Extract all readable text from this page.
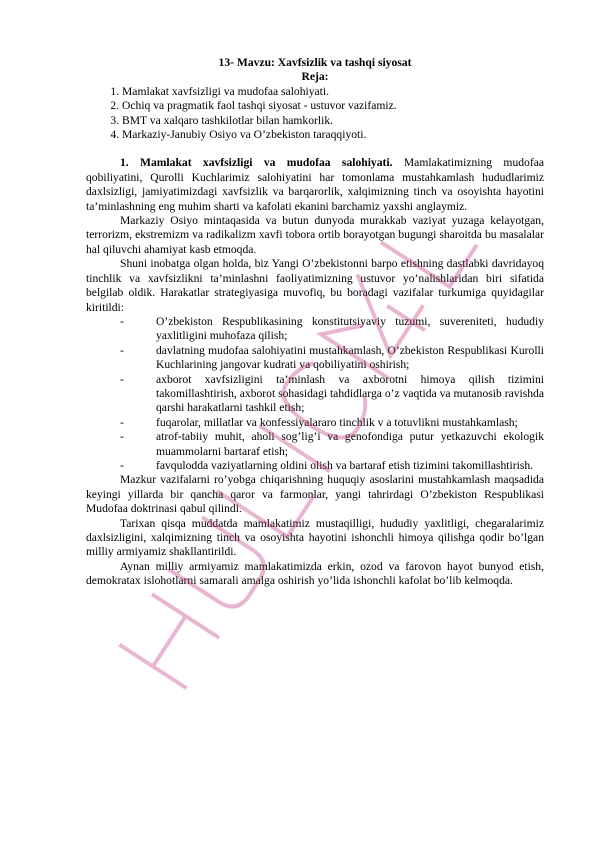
13- Mavzu: Xavfsizlik va tashqi siyosat

Reja:

1. Mamlakat xavfsizligi va mudofaa salohiyati.
2. Ochiq va pragmatik faol tashqi siyosat - ustuvor vazifamiz.
3. BMT va xalqaro tashkilotlar bilan hamkorlik.
4. Markaziy-Janubiy Osiyo va O’zbekiston taraqqiyoti.

1. Mamlakat xavfsizligi va mudofaa salohiyati. Mamlakatimizning mudofaa qobiliyatini, Qurolli Kuchlarimiz salohiyatini har tomonlama mustahkamlash hududlarimiz daxlsizligi, jamiyatimizdagi xavfsizlik va barqarorlik, xalqimizning tinch va osoyishta hayotini ta’minlashning eng muhim sharti va kafolati ekanini barchamiz yaxshi anglaymiz.

Markaziy Osiyo mintaqasida va butun dunyoda murakkab vaziyat yuzaga kelayotgan, terrorizm, ekstremizm va radikalizm xavfi tobora ortib borayotgan bugungi sharoitda bu masalalar hal qiluvchi ahamiyat kasb etmoqda.

Shuni inobatga olgan holda, biz Yangi O’zbekistonni barpo etishning dastlabki davridayoq tinchlik va xavfsizlikni ta’minlashni faoliyatimizning ustuvor yo’nalishlaridan biri sifatida belgilab oldik. Harakatlar strategiyasiga muvofiq, bu boradagi vazifalar turkumiga quyidagilar kiritildi:

-	O’zbekiston Respublikasining konstitutsiyaviy tuzumi, suvereniteti, hududiy yaxlitligini muhofaza qilish;
-	davlatning mudofaa salohiyatini mustahkamlash, O’zbekiston Respublikasi Kurolli Kuchlarining jangovar kudrati va qobiliyatini oshirish;
-	axborot xavfsizligini ta’minlash va axborotni himoya qilish tizimini takomillashtirish, axborot sohasidagi tahdidlarga o’z vaqtida va mutanosib ravishda qarshi harakatlarni tashkil etish;
-	fuqarolar, millatlar va konfessiyalararo tinchlik v a totuvlikni mustahkamlash;
-	atrof-tabiiy muhit, aholi sog’lig’i va genofondiga putur yetkazuvchi ekologik muammolarni bartaraf etish;
-	favqulodda vaziyatlarning oldini olish va bartaraf etish tizimini takomillashtirish.

Mazkur vazifalarni ro’yobga chiqarishning huquqiy asoslarini mustahkamlash maqsadida keyingi yillarda bir qancha qaror va farmonlar, yangi tahrirdagi O’zbekiston Respublikasi Mudofaa doktrinasi qabul qilindi.

Tarixan qisqa muddatda mamlakatimiz mustaqilligi, hududiy yaxlitligi, chegaralarimiz daxlsizligini, xalqimizning tinch va osoyishta hayotini ishonchli himoya qilishga qodir bo’lgan milliy armiyamiz shakllantirildi.

Aynan milliy armiyamiz mamlakatimizda erkin, ozod va farovon hayot bunyod etish, demokratax islohotlarni samarali amalga oshirish yo’lida ishonchli kafolat bo’lib kelmoqda.
